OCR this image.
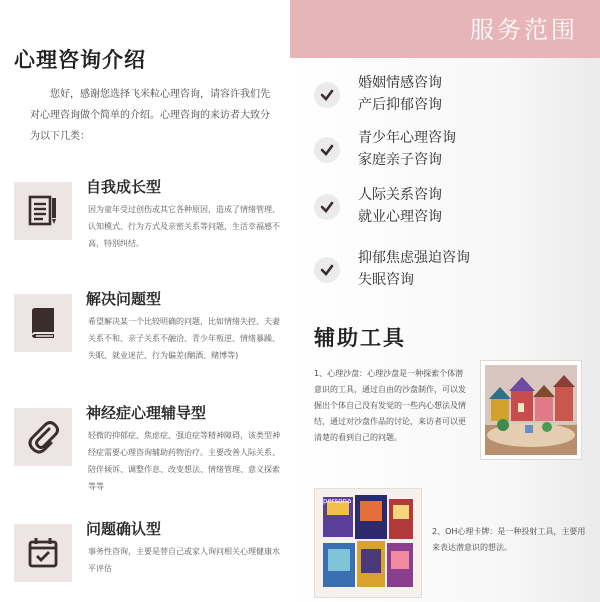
心理咨询介绍

您好，感谢您选择飞米粒心理咨询，请容许我们先对心理咨询做个简单的介绍。心理咨询的来访者大致分为以下几类：

自我成长型
因为童年受过创伤或其它各种原因，造成了情绪管理、认知模式、行为方式及亲密关系等问题，生活幸福感不高，特别纠结。
解决问题型
希望解决某一个比较明确的问题，比如情绪失控、夫妻关系不和、亲子关系不融洽、青少年叛逆、情绪暴躁、失眠、就业迷茫、行为偏差(酗酒、赌博等)
神经症心理辅导型
轻微的抑郁症、焦虑症、强迫症等精神障碍，该类型神经症需要心理咨询辅助药物治疗。主要改善人际关系、陪伴倾诉、调整作息、改变想法、情绪管理、意义探索等等
问题确认型
事务性咨询，主要是替自己或家人询问相关心理健康水平评估
服务范围
婚姻情感咨询
产后抑郁咨询
青少年心理咨询
家庭亲子咨询
人际关系咨询
就业心理咨询
抑郁焦虑强迫咨询
失眠咨询
辅助工具

1、心理沙盘：心理沙盘是一种探索个体潜意识的工具，通过自由的沙盘制作，可以发掘出个体自己没有发觉的一些内心想法及情结，通过对沙盘作品的讨论，来访者可以更清楚的看到自己的问题。

persona

2、OH心理卡牌：是一种投射工具，主要用来表达潜意识的想法。
